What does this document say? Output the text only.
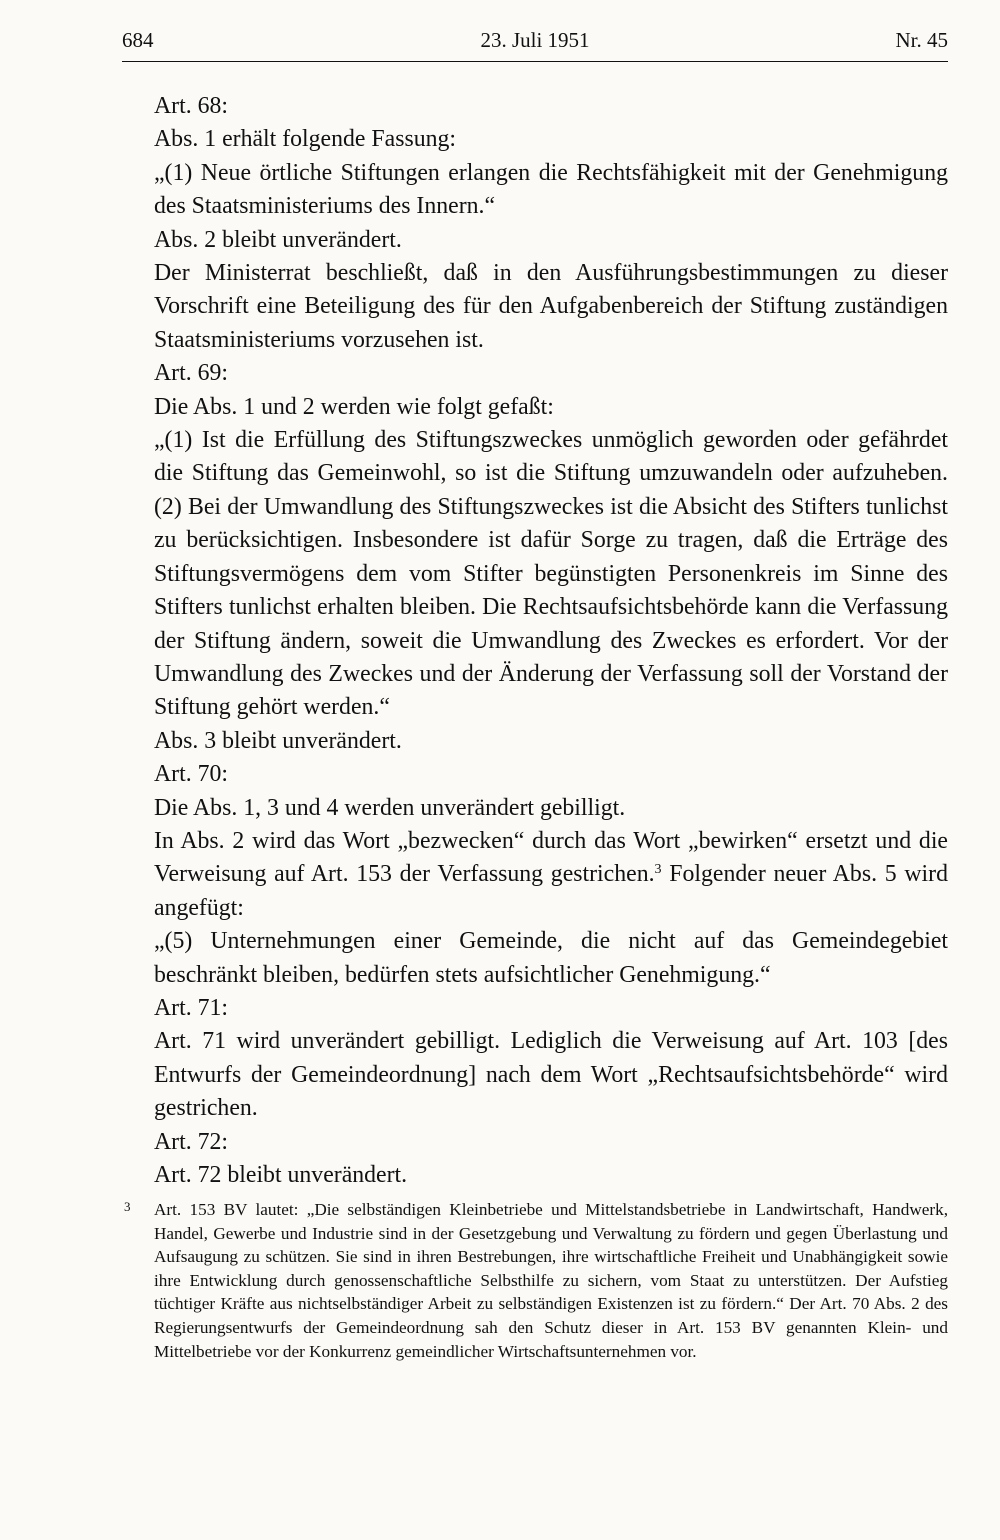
684	23. Juli 1951	Nr. 45

Art. 68:

Abs. 1 erhält folgende Fassung:

„(1) Neue örtliche Stiftungen erlangen die Rechtsfähigkeit mit der Genehmigung des Staatsministeriums des Innern.“

Abs. 2 bleibt unverändert.

Der Ministerrat beschließt, daß in den Ausführungsbestimmungen zu dieser Vorschrift eine Beteiligung des für den Aufgabenbereich der Stiftung zuständigen Staatsministeriums vorzusehen ist.

Art. 69:

Die Abs. 1 und 2 werden wie folgt gefaßt:

„(1) Ist die Erfüllung des Stiftungszweckes unmöglich geworden oder gefährdet die Stiftung das Gemeinwohl, so ist die Stiftung umzuwandeln oder aufzuheben. (2) Bei der Umwandlung des Stiftungszweckes ist die Absicht des Stifters tunlichst zu berücksichtigen. Insbesondere ist dafür Sorge zu tragen, daß die Erträge des Stiftungsvermögens dem vom Stifter begünstigten Personenkreis im Sinne des Stifters tunlichst erhalten bleiben. Die Rechtsaufsichtsbehörde kann die Verfassung der Stiftung ändern, soweit die Umwandlung des Zweckes es erfordert. Vor der Umwandlung des Zweckes und der Änderung der Verfassung soll der Vorstand der Stiftung gehört werden.“

Abs. 3 bleibt unverändert.

Art. 70:

Die Abs. 1, 3 und 4 werden unverändert gebilligt.

In Abs. 2 wird das Wort „bezwecken“ durch das Wort „bewirken“ ersetzt und die Verweisung auf Art. 153 der Verfassung gestrichen.$^3$ Folgender neuer Abs. 5 wird angefügt:

„(5) Unternehmungen einer Gemeinde, die nicht auf das Gemeindegebiet beschränkt bleiben, bedürfen stets aufsichtlicher Genehmigung.“

Art. 71:

Art. 71 wird unverändert gebilligt. Lediglich die Verweisung auf Art. 103 [des Entwurfs der Gemeindeordnung] nach dem Wort „Rechtsaufsichtsbehörde“ wird gestrichen.

Art. 72:

Art. 72 bleibt unverändert.

3 Art. 153 BV lautet: „Die selbständigen Kleinbetriebe und Mittelstandsbetriebe in Landwirtschaft, Handwerk, Handel, Gewerbe und Industrie sind in der Gesetzgebung und Verwaltung zu fördern und gegen Überlastung und Aufsaugung zu schützen. Sie sind in ihren Bestrebungen, ihre wirtschaftliche Freiheit und Unabhängigkeit sowie ihre Entwicklung durch genossenschaftliche Selbsthilfe zu sichern, vom Staat zu unterstützen. Der Aufstieg tüchtiger Kräfte aus nichtselbständiger Arbeit zu selbständigen Existenzen ist zu fördern.“ Der Art. 70 Abs. 2 des Regierungsentwurfs der Gemeindeordnung sah den Schutz dieser in Art. 153 BV genannten Klein- und Mittelbetriebe vor der Konkurrenz gemeindlicher Wirtschaftsunternehmen vor.
